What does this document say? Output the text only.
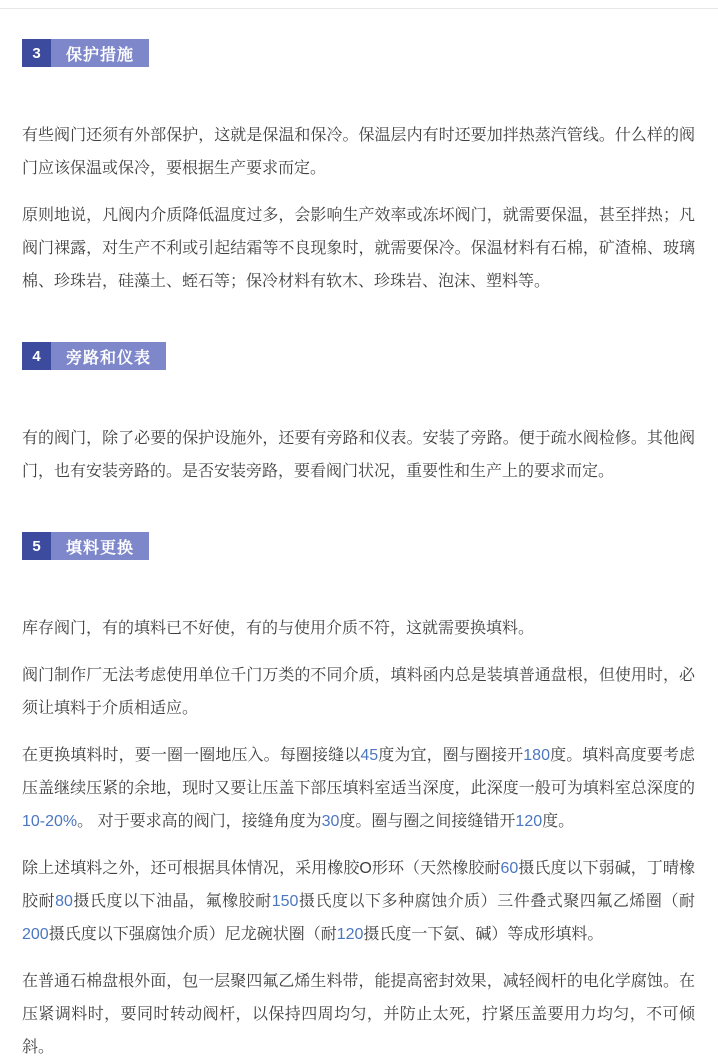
3	保护措施

有些阀门还须有外部保护，这就是保温和保冷。保温层内有时还要加拌热蒸汽管线。什么样的阀门应该保温或保冷，要根据生产要求而定。

原则地说，凡阀内介质降低温度过多，会影响生产效率或冻坏阀门，就需要保温，甚至拌热；凡阀门裸露，对生产不利或引起结霜等不良现象时，就需要保冷。保温材料有石棉，矿渣棉、玻璃棉、珍珠岩，硅藻土、蛭石等；保冷材料有软木、珍珠岩、泡沫、塑料等。

4	旁路和仪表

有的阀门，除了必要的保护设施外，还要有旁路和仪表。安装了旁路。便于疏水阀检修。其他阀门，也有安装旁路的。是否安装旁路，要看阀门状况，重要性和生产上的要求而定。

5	填料更换

库存阀门，有的填料已不好使，有的与使用介质不符，这就需要换填料。

阀门制作厂无法考虑使用单位千门万类的不同介质，填料函内总是装填普通盘根，但使用时，必须让填料于介质相适应。

在更换填料时，要一圈一圈地压入。每圈接缝以45度为宜，圈与圈接开180度。填料高度要考虑压盖继续压紧的余地，现时又要让压盖下部压填料室适当深度，此深度一般可为填料室总深度的10-20%。 对于要求高的阀门，接缝角度为30度。圈与圈之间接缝错开120度。

除上述填料之外，还可根据具体情况，采用橡胶O形环（天然橡胶耐60摄氏度以下弱碱，丁晴橡胶耐80摄氏度以下油晶，氟橡胶耐150摄氏度以下多种腐蚀介质）三件叠式聚四氟乙烯圈（耐200摄氏度以下强腐蚀介质）尼龙碗状圈（耐120摄氏度一下氨、碱）等成形填料。

在普通石棉盘根外面，包一层聚四氟乙烯生料带，能提高密封效果，减轻阀杆的电化学腐蚀。在压紧调料时，要同时转动阀杆，以保持四周均匀，并防止太死，拧紧压盖要用力均匀，不可倾斜。
